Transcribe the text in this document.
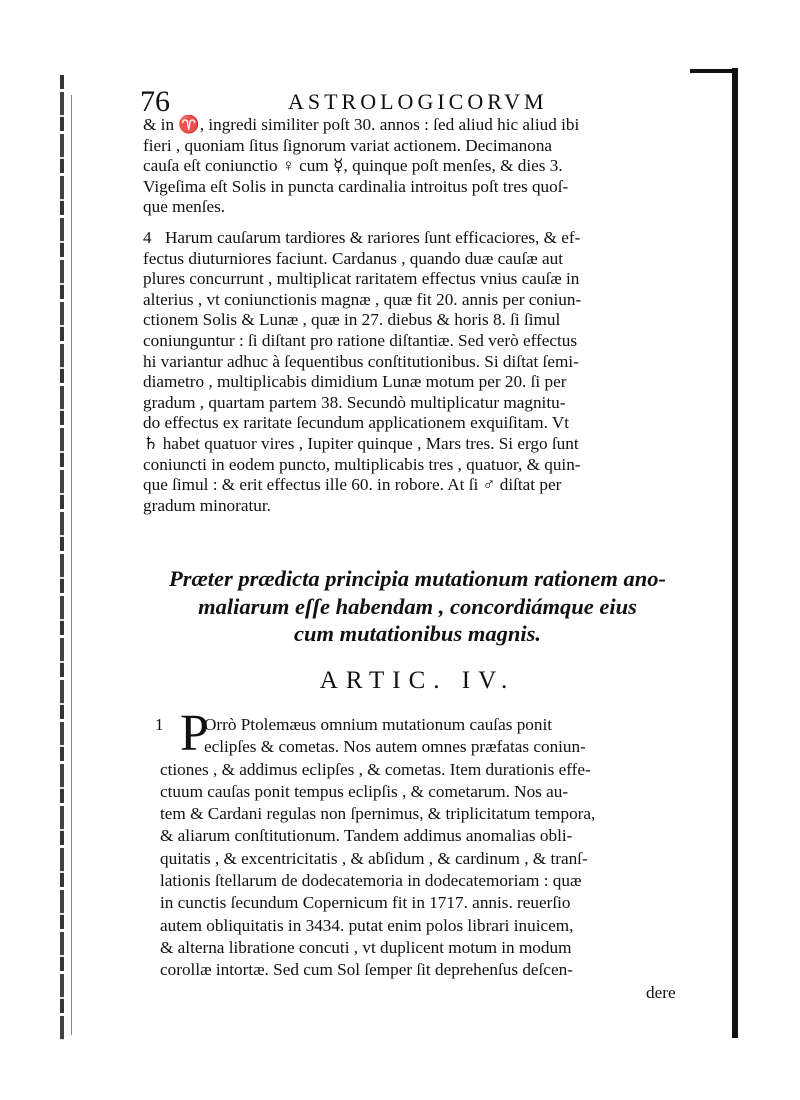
76	ASTROLOGICORVM
& in ♈, ingredi similiter poſt 30. annos : ſed aliud hic aliud ibi
fieri , quoniam ſitus ſignorum variat actionem. Decimanona
cauſa eſt coniunctio ♀ cum ☿, quinque poſt menſes, & dies 3.
Vigeſima eſt Solis in puncta cardinalia introitus poſt tres quoſ-
que menſes.
4 Harum cauſarum tardiores & rariores ſunt efficaciores, & ef-
fectus diuturniores faciunt. Cardanus , quando duæ cauſæ aut
plures concurrunt , multiplicat raritatem effectus vnius cauſæ in
alterius , vt coniunctionis magnæ , quæ fit 20. annis per coniun-
ctionem Solis & Lunæ , quæ in 27. diebus & horis 8. ſi ſimul
coniunguntur : ſi diſtant pro ratione diſtantiæ. Sed verò effectus
hi variantur adhuc à ſequentibus conſtitutionibus. Si diſtat ſemi-
diametro , multiplicabis dimidium Lunæ motum per 20. ſi per
gradum , quartam partem 38. Secundò multiplicatur magnitu-
do effectus ex raritate ſecundum applicationem exquiſitam. Vt
♄ habet quatuor vires , Iupiter quinque , Mars tres. Si ergo ſunt
coniuncti in eodem puncto, multiplicabis tres , quatuor, & quin-
que ſimul : & erit effectus ille 60. in robore. At ſi ♂ diſtat per
gradum minoratur.
Præter prædicta principia mutationum rationem ano-
maliarum eſſe habendam , concordiámque eius
cum mutationibus magnis.
ARTIC. IV.
1 P
Orrò Ptolemæus omnium mutationum cauſas ponit
eclipſes & cometas. Nos autem omnes præfatas coniun-
ctiones , & addimus eclipſes , & cometas. Item durationis effe-
ctuum cauſas ponit tempus eclipſis , & cometarum. Nos au-
tem & Cardani regulas non ſpernimus, & triplicitatum tempora,
& aliarum conſtitutionum. Tandem addimus anomalias obli-
quitatis , & excentricitatis , & abſidum , & cardinum , & tranſ-
lationis ſtellarum de dodecatemoria in dodecatemoriam : quæ
in cunctis ſecundum Copernicum fit in 1717. annis. reuerſio
autem obliquitatis in 3434. putat enim polos librari inuicem,
& alterna libratione concuti , vt duplicent motum in modum
corollæ intortæ. Sed cum Sol ſemper ſit deprehenſus deſcen-
dere
